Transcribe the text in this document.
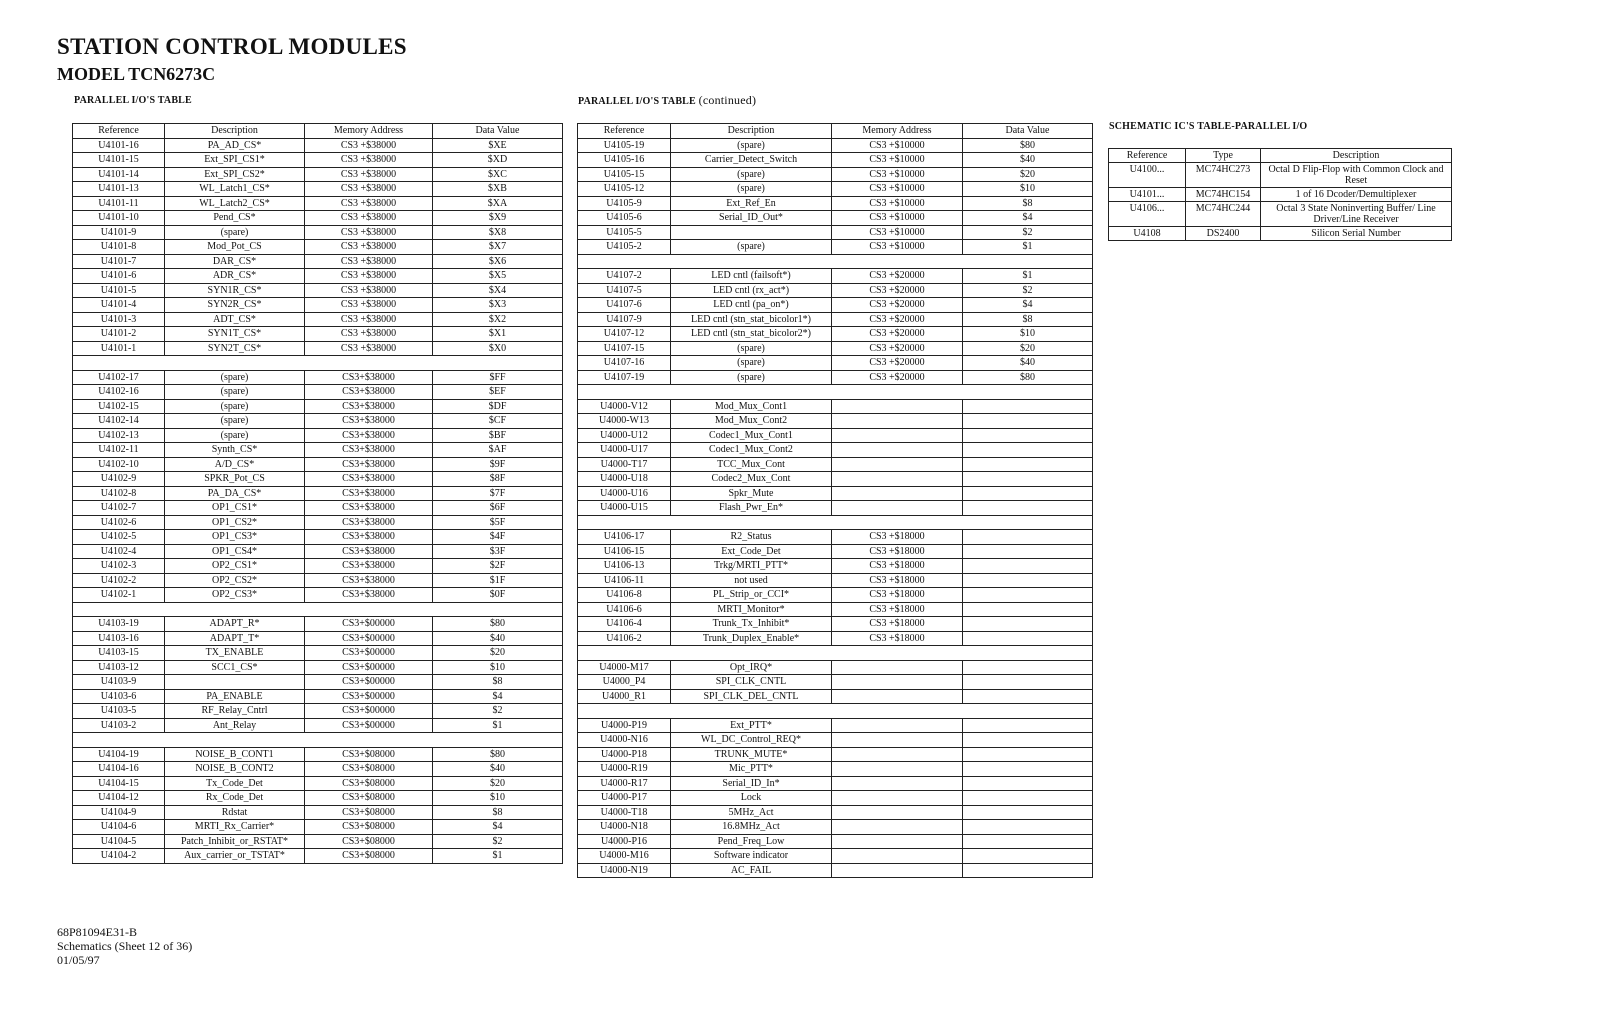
STATION CONTROL MODULES
MODEL TCN6273C
PARALLEL I/O'S TABLE	PARALLEL I/O'S TABLE (continued)
SCHEMATIC IC'S TABLE-PARALLEL I/O
Reference	Description	Memory Address	Data Value
U4101-16	PA_AD_CS*	CS3 +$38000	$XE
U4101-15	Ext_SPI_CS1*	CS3 +$38000	$XD
U4101-14	Ext_SPI_CS2*	CS3 +$38000	$XC
U4101-13	WL_Latch1_CS*	CS3 +$38000	$XB
U4101-11	WL_Latch2_CS*	CS3 +$38000	$XA
U4101-10	Pend_CS*	CS3 +$38000	$X9
U4101-9	(spare)	CS3 +$38000	$X8
U4101-8	Mod_Pot_CS	CS3 +$38000	$X7
U4101-7	DAR_CS*	CS3 +$38000	$X6
U4101-6	ADR_CS*	CS3 +$38000	$X5
U4101-5	SYN1R_CS*	CS3 +$38000	$X4
U4101-4	SYN2R_CS*	CS3 +$38000	$X3
U4101-3	ADT_CS*	CS3 +$38000	$X2
U4101-2	SYN1T_CS*	CS3 +$38000	$X1
U4101-1	SYN2T_CS*	CS3 +$38000	$X0

U4102-17	(spare)	CS3+$38000	$FF
U4102-16	(spare)	CS3+$38000	$EF
U4102-15	(spare)	CS3+$38000	$DF
U4102-14	(spare)	CS3+$38000	$CF
U4102-13	(spare)	CS3+$38000	$BF
U4102-11	Synth_CS*	CS3+$38000	$AF
U4102-10	A/D_CS*	CS3+$38000	$9F
U4102-9	SPKR_Pot_CS	CS3+$38000	$8F
U4102-8	PA_DA_CS*	CS3+$38000	$7F
U4102-7	OP1_CS1*	CS3+$38000	$6F
U4102-6	OP1_CS2*	CS3+$38000	$5F
U4102-5	OP1_CS3*	CS3+$38000	$4F
U4102-4	OP1_CS4*	CS3+$38000	$3F
U4102-3	OP2_CS1*	CS3+$38000	$2F
U4102-2	OP2_CS2*	CS3+$38000	$1F
U4102-1	OP2_CS3*	CS3+$38000	$0F

U4103-19	ADAPT_R*	CS3+$00000	$80
U4103-16	ADAPT_T*	CS3+$00000	$40
U4103-15	TX_ENABLE	CS3+$00000	$20
U4103-12	SCC1_CS*	CS3+$00000	$10
U4103-9		CS3+$00000	$8
U4103-6	PA_ENABLE	CS3+$00000	$4
U4103-5	RF_Relay_Cntrl	CS3+$00000	$2
U4103-2	Ant_Relay	CS3+$00000	$1

U4104-19	NOISE_B_CONT1	CS3+$08000	$80
U4104-16	NOISE_B_CONT2	CS3+$08000	$40
U4104-15	Tx_Code_Det	CS3+$08000	$20
U4104-12	Rx_Code_Det	CS3+$08000	$10
U4104-9	Rdstat	CS3+$08000	$8
U4104-6	MRTI_Rx_Carrier*	CS3+$08000	$4
U4104-5	Patch_Inhibit_or_RSTAT*	CS3+$08000	$2
U4104-2	Aux_carrier_or_TSTAT*	CS3+$08000	$1
Reference	Description	Memory Address	Data Value
U4105-19	(spare)	CS3 +$10000	$80
U4105-16	Carrier_Detect_Switch	CS3 +$10000	$40
U4105-15	(spare)	CS3 +$10000	$20
U4105-12	(spare)	CS3 +$10000	$10
U4105-9	Ext_Ref_En	CS3 +$10000	$8
U4105-6	Serial_ID_Out*	CS3 +$10000	$4
U4105-5		CS3 +$10000	$2
U4105-2	(spare)	CS3 +$10000	$1

U4107-2	LED cntl (failsoft*)	CS3 +$20000	$1
U4107-5	LED cntl (rx_act*)	CS3 +$20000	$2
U4107-6	LED cntl (pa_on*)	CS3 +$20000	$4
U4107-9	LED cntl (stn_stat_bicolor1*)	CS3 +$20000	$8
U4107-12	LED cntl (stn_stat_bicolor2*)	CS3 +$20000	$10
U4107-15	(spare)	CS3 +$20000	$20
U4107-16	(spare)	CS3 +$20000	$40
U4107-19	(spare)	CS3 +$20000	$80

U4000-V12	Mod_Mux_Cont1		
U4000-W13	Mod_Mux_Cont2		
U4000-U12	Codec1_Mux_Cont1		
U4000-U17	Codec1_Mux_Cont2		
U4000-T17	TCC_Mux_Cont		
U4000-U18	Codec2_Mux_Cont		
U4000-U16	Spkr_Mute		
U4000-U15	Flash_Pwr_En*		

U4106-17	R2_Status	CS3 +$18000	
U4106-15	Ext_Code_Det	CS3 +$18000	
U4106-13	Trkg/MRTI_PTT*	CS3 +$18000	
U4106-11	not used	CS3 +$18000	
U4106-8	PL_Strip_or_CCI*	CS3 +$18000	
U4106-6	MRTI_Monitor*	CS3 +$18000	
U4106-4	Trunk_Tx_Inhibit*	CS3 +$18000	
U4106-2	Trunk_Duplex_Enable*	CS3 +$18000	

U4000-M17	Opt_IRQ*		
U4000_P4	SPI_CLK_CNTL		
U4000_R1	SPI_CLK_DEL_CNTL		

U4000-P19	Ext_PTT*		
U4000-N16	WL_DC_Control_REQ*		
U4000-P18	TRUNK_MUTE*		
U4000-R19	Mic_PTT*		
U4000-R17	Serial_ID_In*		
U4000-P17	Lock		
U4000-T18	5MHz_Act		
U4000-N18	16.8MHz_Act		
U4000-P16	Pend_Freq_Low		
U4000-M16	Software indicator		
U4000-N19	AC_FAIL		
Reference	Type	Description
U4100...	MC74HC273	Octal D Flip-Flop with Common Clock and Reset
U4101...	MC74HC154	1 of 16 Dcoder/Demultiplexer
U4106...	MC74HC244	Octal 3 State Noninverting Buffer/ Line Driver/Line Receiver
U4108	DS2400	Silicon Serial Number
68P81094E31-B
Schematics (Sheet 12 of 36)
01/05/97
